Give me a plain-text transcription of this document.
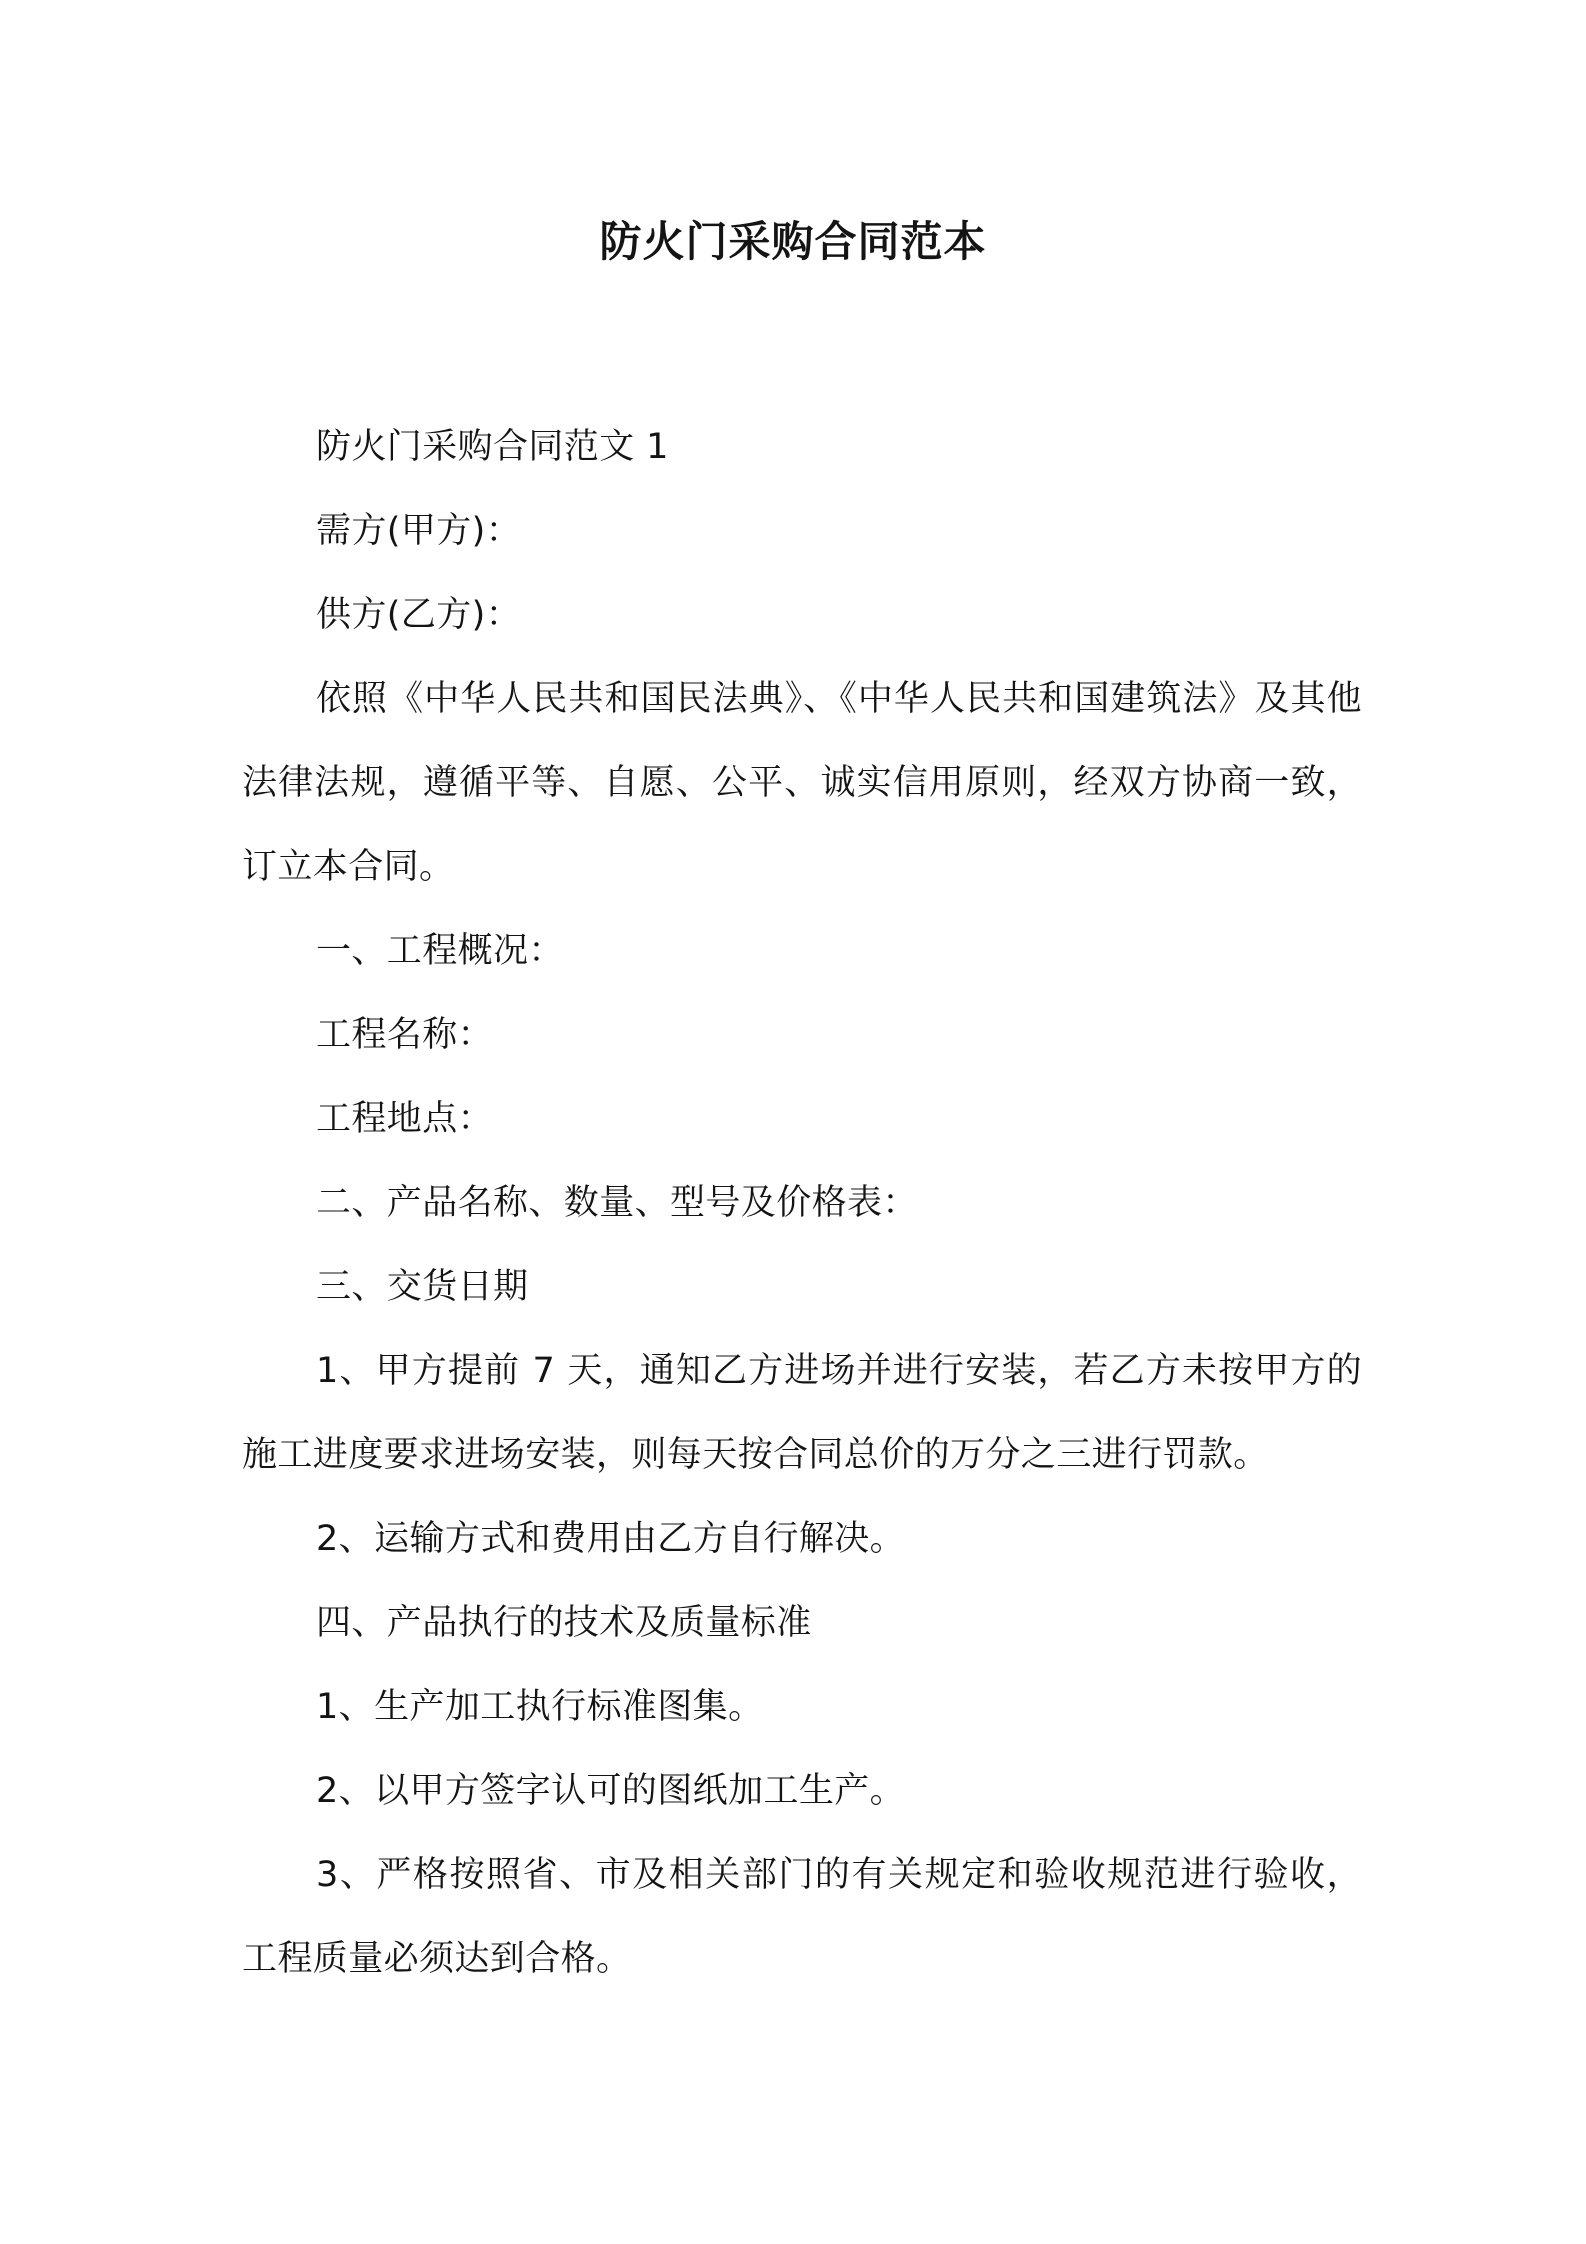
防火门采购合同范本

防火门采购合同范文 1

需方(甲方)：

供方(乙方)：

依照《中华人民共和国民法典》、《中华人民共和国建筑法》及其他法律法规，遵循平等、自愿、公平、诚实信用原则，经双方协商一致，订立本合同。

一、工程概况：

工程名称：

工程地点：

二、产品名称、数量、型号及价格表：

三、交货日期

1、甲方提前 7 天，通知乙方进场并进行安装，若乙方未按甲方的施工进度要求进场安装，则每天按合同总价的万分之三进行罚款。

2、运输方式和费用由乙方自行解决。

四、产品执行的技术及质量标准

1、生产加工执行标准图集。

2、以甲方签字认可的图纸加工生产。

3、严格按照省、市及相关部门的有关规定和验收规范进行验收，工程质量必须达到合格。
